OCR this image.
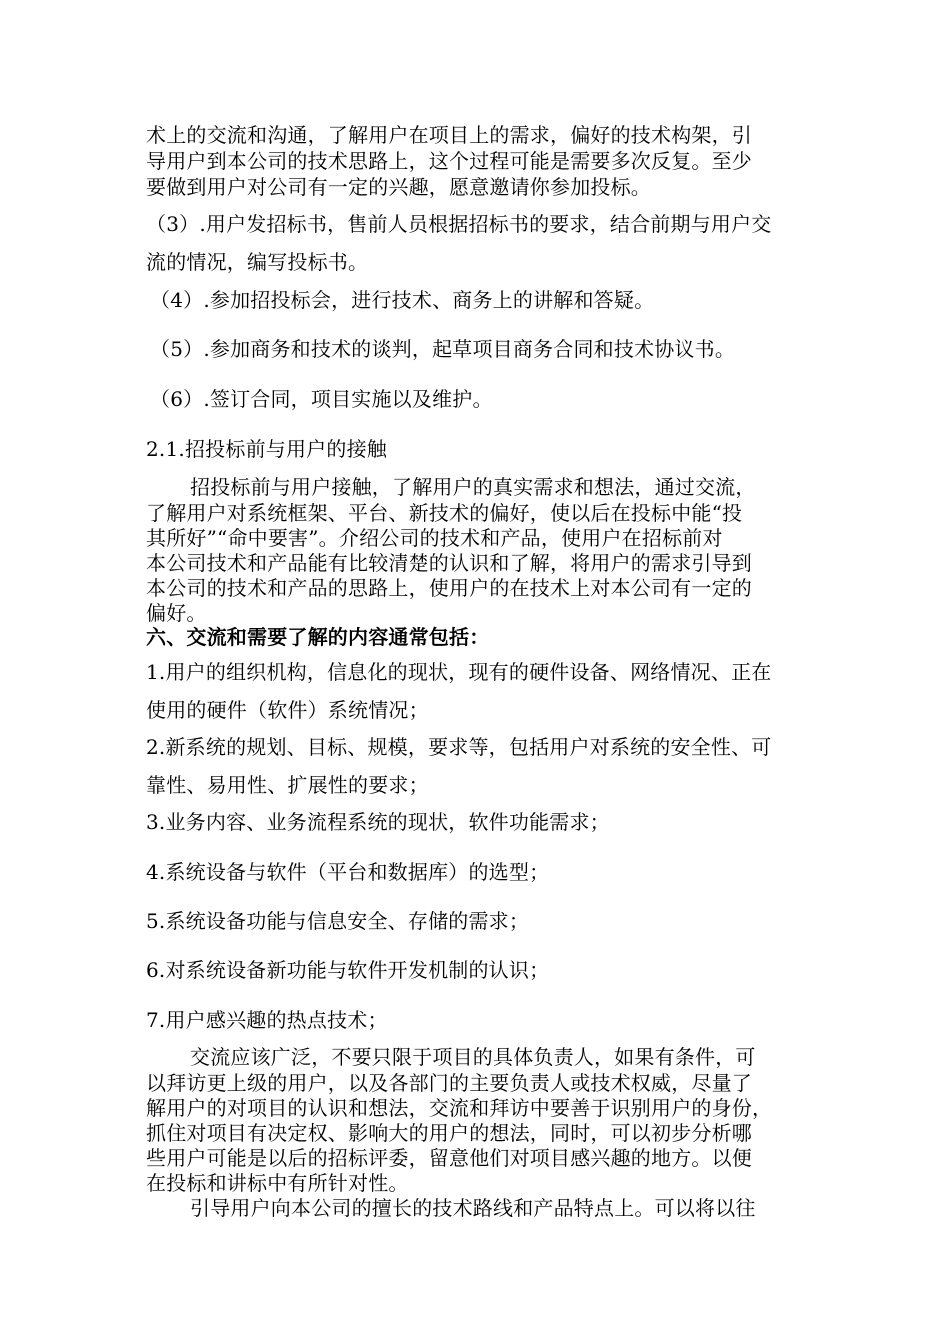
术上的交流和沟通，了解用户在项目上的需求，偏好的技术构架，引
导用户到本公司的技术思路上，这个过程可能是需要多次反复。至少
要做到用户对公司有一定的兴趣，愿意邀请你参加投标。
（3）.用户发招标书，售前人员根据招标书的要求，结合前期与用户交
流的情况，编写投标书。
（4）.参加招投标会，进行技术、商务上的讲解和答疑。
（5）.参加商务和技术的谈判，起草项目商务合同和技术协议书。
（6）.签订合同，项目实施以及维护。
2.1.招投标前与用户的接触
招投标前与用户接触，了解用户的真实需求和想法，通过交流，
了解用户对系统框架、平台、新技术的偏好，使以后在投标中能“投
其所好”“命中要害”。介绍公司的技术和产品，使用户在招标前对
本公司技术和产品能有比较清楚的认识和了解，将用户的需求引导到
本公司的技术和产品的思路上，使用户的在技术上对本公司有一定的
偏好。
六、交流和需要了解的内容通常包括：
1.用户的组织机构，信息化的现状，现有的硬件设备、网络情况、正在
使用的硬件（软件）系统情况；
2.新系统的规划、目标、规模，要求等，包括用户对系统的安全性、可
靠性、易用性、扩展性的要求；
3.业务内容、业务流程系统的现状，软件功能需求；
4.系统设备与软件（平台和数据库）的选型；
5.系统设备功能与信息安全、存储的需求；
6.对系统设备新功能与软件开发机制的认识；
7.用户感兴趣的热点技术；
交流应该广泛，不要只限于项目的具体负责人，如果有条件，可
以拜访更上级的用户，以及各部门的主要负责人或技术权威，尽量了
解用户的对项目的认识和想法，交流和拜访中要善于识别用户的身份，
抓住对项目有决定权、影响大的用户的想法，同时，可以初步分析哪
些用户可能是以后的招标评委，留意他们对项目感兴趣的地方。以便
在投标和讲标中有所针对性。
引导用户向本公司的擅长的技术路线和产品特点上。可以将以往
